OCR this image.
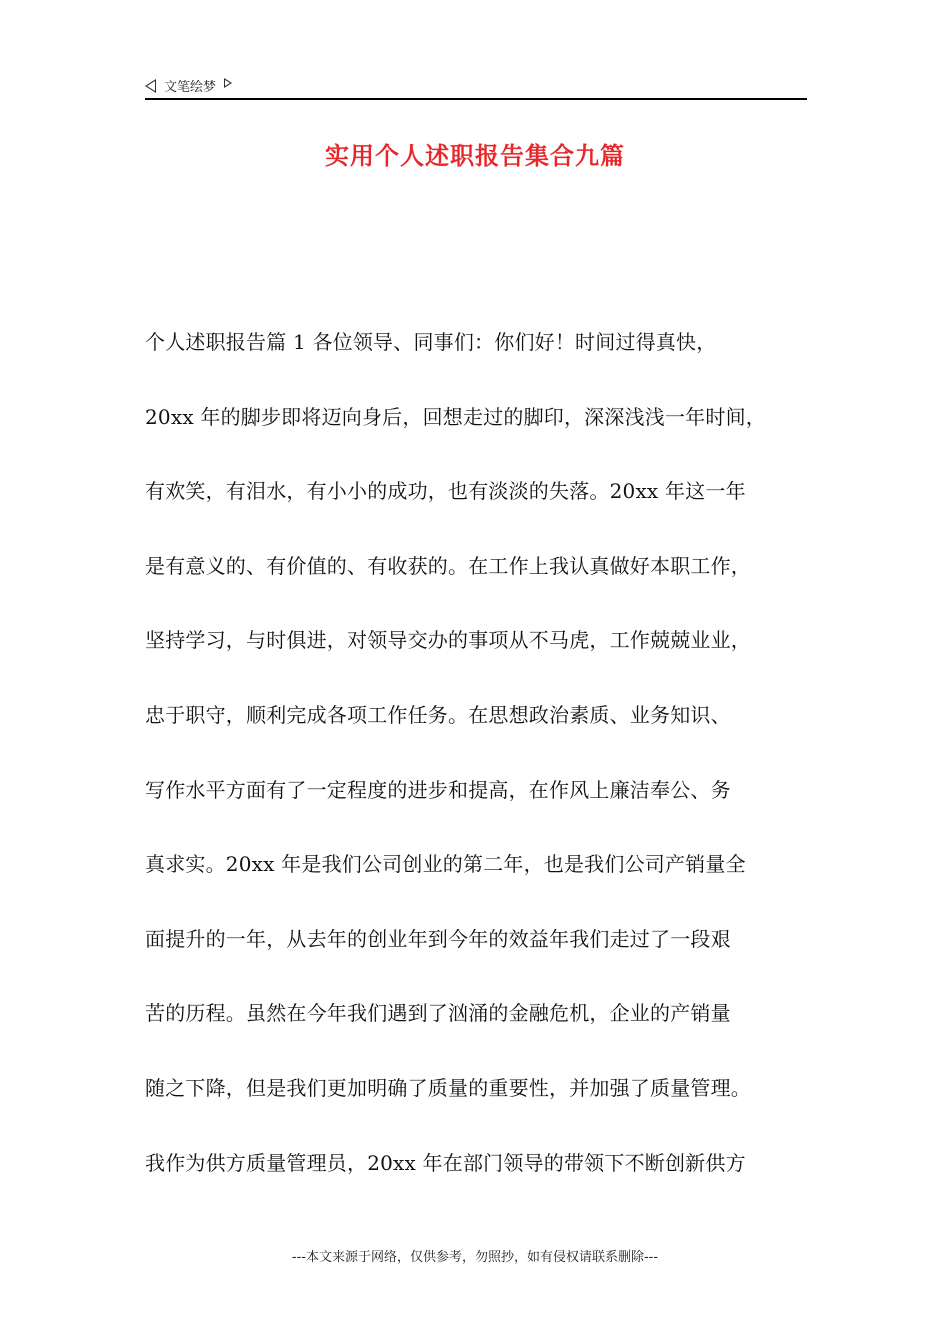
文笔绘梦
实用个人述职报告集合九篇
个人述职报告篇 1 各位领导、同事们：你们好！时间过得真快，
20xx 年的脚步即将迈向身后，回想走过的脚印，深深浅浅一年时间，
有欢笑，有泪水，有小小的成功，也有淡淡的失落。20xx 年这一年
是有意义的、有价值的、有收获的。在工作上我认真做好本职工作，
坚持学习，与时俱进，对领导交办的事项从不马虎，工作兢兢业业，
忠于职守，顺利完成各项工作任务。在思想政治素质、业务知识、
写作水平方面有了一定程度的进步和提高，在作风上廉洁奉公、务
真求实。20xx 年是我们公司创业的第二年，也是我们公司产销量全
面提升的一年，从去年的创业年到今年的效益年我们走过了一段艰
苦的历程。虽然在今年我们遇到了汹涌的金融危机，企业的产销量
随之下降，但是我们更加明确了质量的重要性，并加强了质量管理。
我作为供方质量管理员，20xx 年在部门领导的带领下不断创新供方
---本文来源于网络，仅供参考，勿照抄，如有侵权请联系删除---
